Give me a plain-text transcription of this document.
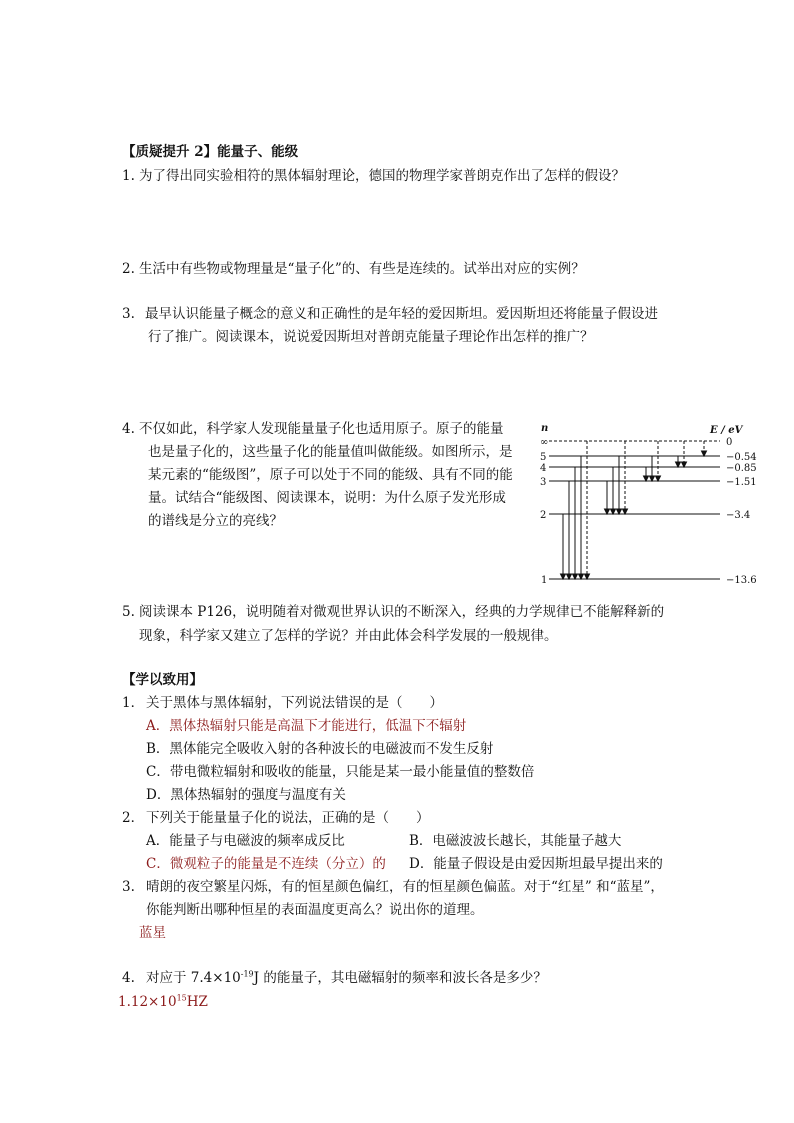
【质疑提升 2】能量子、能级
1. 为了得出同实验相符的黑体辐射理论，德国的物理学家普朗克作出了怎样的假设？
2. 生活中有些物或物理量是“量子化”的、有些是连续的。试举出对应的实例？
3. 最早认识能量子概念的意义和正确性的是年轻的爱因斯坦。爱因斯坦还将能量子假设进
行了推广。阅读课本，说说爱因斯坦对普朗克能量子理论作出怎样的推广？
4. 不仅如此，科学家人发现能量量子化也适用原子。原子的能量
也是量子化的，这些量子化的能量值叫做能级。如图所示，是
某元素的“能级图”，原子可以处于不同的能级、具有不同的能
量。试结合“能级图、阅读课本，说明：为什么原子发光形成
的谱线是分立的亮线？
n	E / eV
∞
5
4
3
2
1
0
−0.54
−0.85
−1.51
−3.4
−13.6
5. 阅读课本 P126，说明随着对微观世界认识的不断深入，经典的力学规律已不能解释新的
现象，科学家又建立了怎样的学说？并由此体会科学发展的一般规律。
【学以致用】
1． 关于黑体与黑体辐射，下列说法错误的是（　　）
A．黑体热辐射只能是高温下才能进行，低温下不辐射
B．黑体能完全吸收入射的各种波长的电磁波而不发生反射
C．带电微粒辐射和吸收的能量，只能是某一最小能量值的整数倍
D．黑体热辐射的强度与温度有关
2． 下列关于能量量子化的说法，正确的是（　　）
A．能量子与电磁波的频率成反比	B．电磁波波长越长，其能量子越大
C．微观粒子的能量是不连续（分立）的 D．能量子假设是由爱因斯坦最早提出来的
3. 晴朗的夜空繁星闪烁，有的恒星颜色偏红，有的恒星颜色偏蓝。对于“红星” 和“蓝星”，
你能判断出哪种恒星的表面温度更高么？说出你的道理。
蓝星
4. 对应于 $7.4\times 10^{-19}J$ 的能量子，其电磁辐射的频率和波长各是多少？
$1.12\times 10^{15}HZ$
